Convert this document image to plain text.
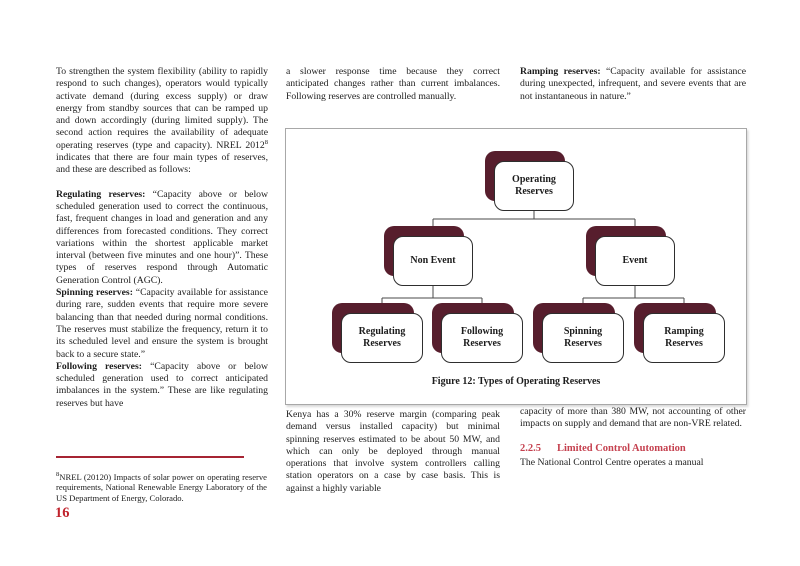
To strengthen the system flexibility (ability to rapidly respond to such changes), operators would typically activate demand (during excess supply) or draw energy from standby sources that can be ramped up and down accordingly (during limited supply). The second action requires the availability of adequate operating reserves (type and capacity). NREL 2012$^8$ indicates that there are four main types of reserves, and these are described as follows:

Regulating reserves: “Capacity above or below scheduled generation used to correct the continuous, fast, frequent changes in load and generation and any differences from forecasted conditions. They correct variations within the shortest applicable market interval (between five minutes and one hour)”. These types of reserves respond through Automatic Generation Control (AGC).

Spinning reserves: “Capacity available for assistance during rare, sudden events that require more severe balancing than that needed during normal conditions. The reserves must stabilize the frequency, return it to its scheduled level and ensure the system is brought back to a secure state.”

Following reserves: “Capacity above or below scheduled generation used to correct anticipated imbalances in the system.” These are like regulating reserves but have

a slower response time because they correct anticipated changes rather than current imbalances. Following reserves are controlled manually.

Ramping reserves: “Capacity available for assistance during unexpected, infrequent, and severe events that are not instantaneous in nature.”

Operating Reserves
Non Event	Event
Regulating Reserves
Following Reserves
Spinning Reserves
Ramping Reserves
Figure 12: Types of Operating Reserves

Kenya has a 30% reserve margin (comparing peak demand versus installed capacity) but minimal spinning reserves estimated to be about 50 MW, and which can only be deployed through manual operations that involve system controllers calling station operators on a case by case basis. This is against a highly variable

capacity of more than 380 MW, not accounting of other impacts on supply and demand that are non-VRE related.

2.2.5 Limited Control Automation

The National Control Centre operates a manual

$^8$NREL (20120) Impacts of solar power on operating reserve requirements, National Renewable Energy Laboratory of the US Department of Energy, Colorado.

16
